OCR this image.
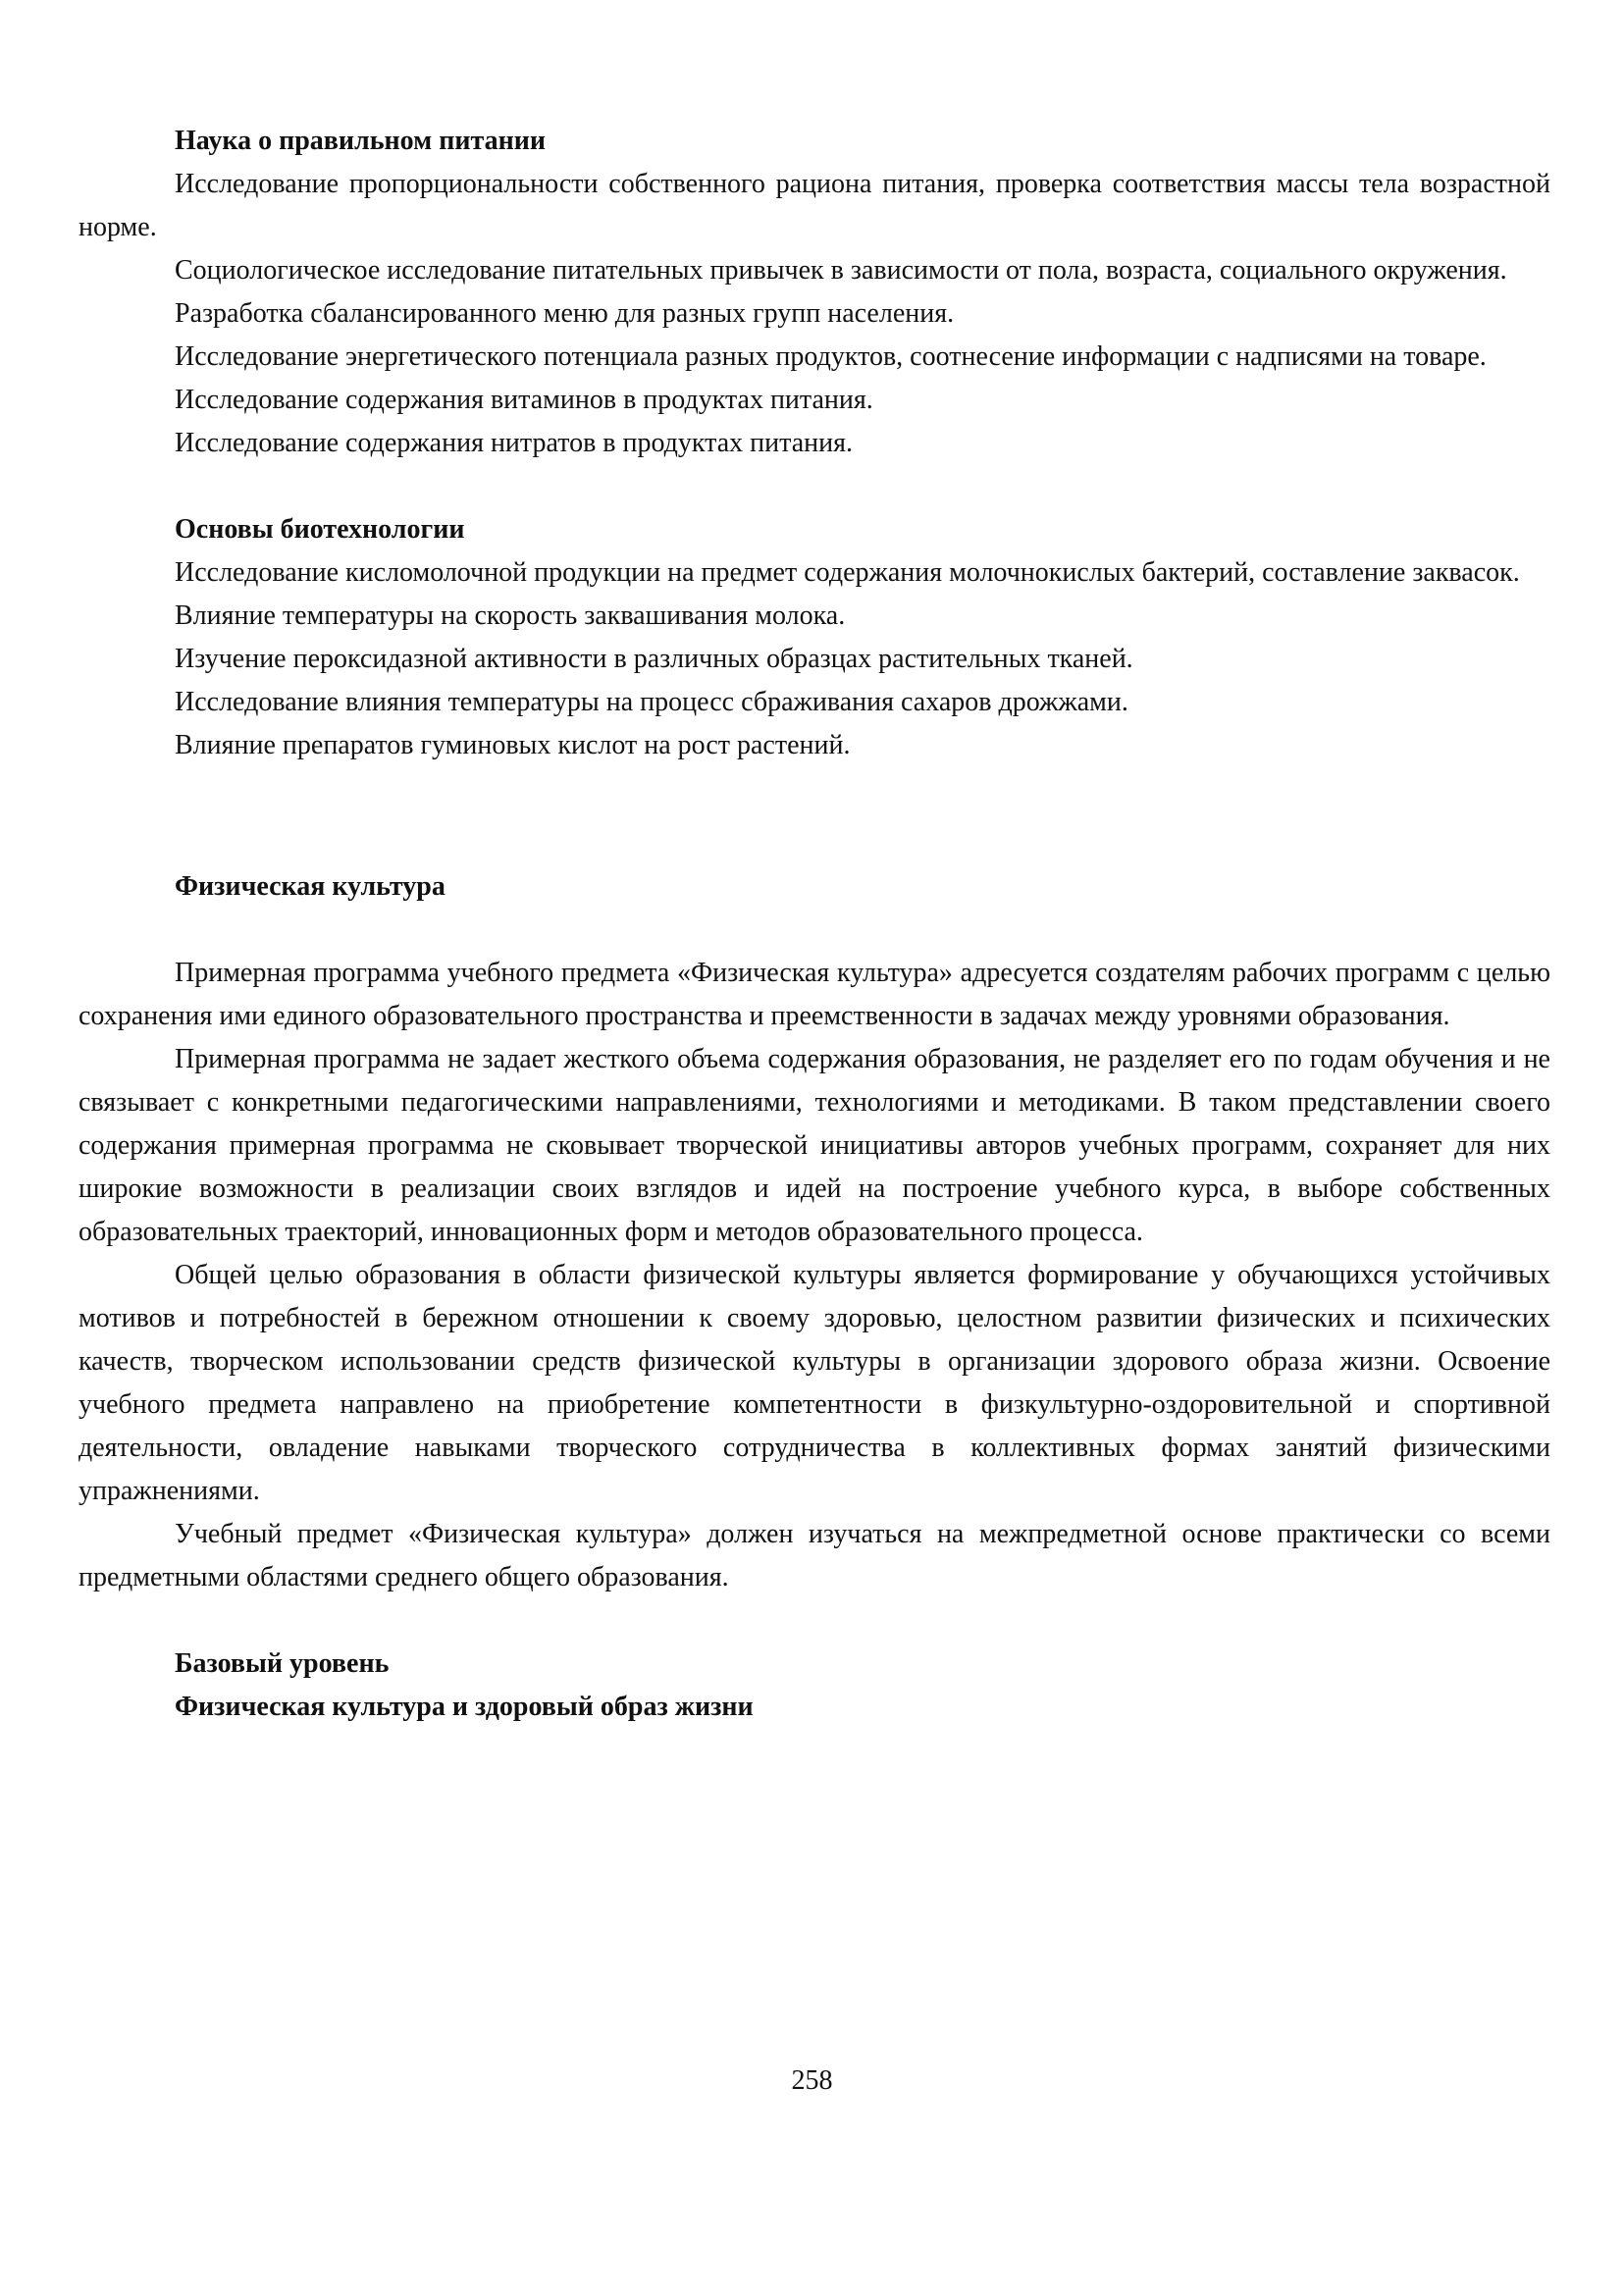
Наука о правильном питании

Исследование пропорциональности собственного рациона питания, проверка соответствия массы тела возрастной норме.

Социологическое исследование питательных привычек в зависимости от пола, возраста, социального окружения.

Разработка сбалансированного меню для разных групп населения.

Исследование энергетического потенциала разных продуктов, соотнесение информации с надписями на товаре.

Исследование содержания витаминов в продуктах питания.

Исследование содержания нитратов в продуктах питания.

Основы биотехнологии

Исследование кисломолочной продукции на предмет содержания молочнокислых бактерий, составление заквасок.

Влияние температуры на скорость заквашивания молока.

Изучение пероксидазной активности в различных образцах растительных тканей.

Исследование влияния температуры на процесс сбраживания сахаров дрожжами.

Влияние препаратов гуминовых кислот на рост растений.

Физическая культура

Примерная программа учебного предмета «Физическая культура» адресуется создателям рабочих программ с целью сохранения ими единого образовательного пространства и преемственности в задачах между уровнями образования.

Примерная программа не задает жесткого объема содержания образования, не разделяет его по годам обучения и не связывает с конкретными педагогическими направлениями, технологиями и методиками. В таком представлении своего содержания примерная программа не сковывает творческой инициативы авторов учебных программ, сохраняет для них широкие возможности в реализации своих взглядов и идей на построение учебного курса, в выборе собственных образовательных траекторий, инновационных форм и методов образовательного процесса.

Общей целью образования в области физической культуры является формирование у обучающихся устойчивых мотивов и потребностей в бережном отношении к своему здоровью, целостном развитии физических и психических качеств, творческом использовании средств физической культуры в организации здорового образа жизни. Освоение учебного предмета направлено на приобретение компетентности в физкультурно-оздоровительной и спортивной деятельности, овладение навыками творческого сотрудничества в коллективных формах занятий физическими упражнениями.

Учебный предмет «Физическая культура» должен изучаться на межпредметной основе практически со всеми предметными областями среднего общего образования.

Базовый уровень

Физическая культура и здоровый образ жизни

258
